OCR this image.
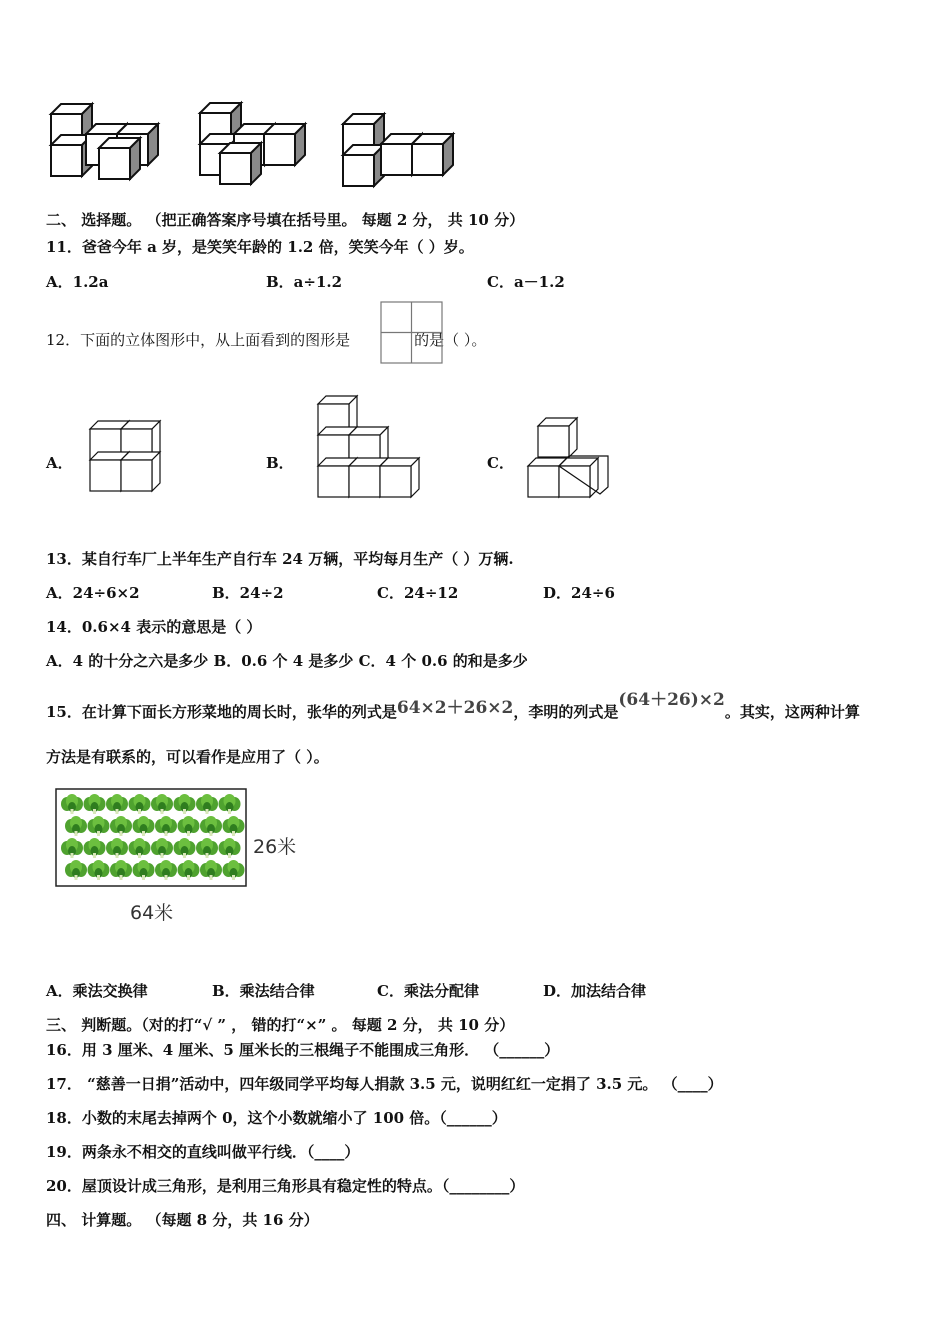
二、 选择题。 （把正确答案序号填在括号里。 每题 2 分， 共 10 分）
11．爸爸今年 a 岁，是笑笑年龄的 1.2 倍，笑笑今年（ ）岁。
A．1.2a	B．a÷1.2	C．a－1.2
12．下面的立体图形中，从上面看到的图形是	的是（ ）。
A．	B．	C．
13．某自行车厂上半年生产自行车 24 万辆，平均每月生产（ ）万辆.
A．24÷6×2	B．24÷2	C．24÷12	D．24÷6
14．0.6×4 表示的意思是（ ）
A．4 的十分之六是多少 B．0.6 个 4 是多少 C．4 个 0.6 的和是多少
15．在计算下面长方形菜地的周长时，张华的列式是64×2＋26×2，李明的列式是(64＋26)×2。其实，这两种计算
方法是有联系的，可以看作是应用了（ ）。
26米
64米
A．乘法交换律	B．乘法结合律	C．乘法分配律	D．加法结合律
三、 判断题。（对的打“√ ” ， 错的打“×” 。 每题 2 分， 共 10 分）
16．用 3 厘米、4 厘米、5 厘米长的三根绳子不能围成三角形． （______）
17． “慈善一日捐”活动中，四年级同学平均每人捐款 3.5 元，说明红红一定捐了 3.5 元。 （____）
18．小数的末尾去掉两个 0，这个小数就缩小了 100 倍。（______）
19．两条永不相交的直线叫做平行线．（____）
20．屋顶设计成三角形，是利用三角形具有稳定性的特点。（________）
四、 计算题。 （每题 8 分，共 16 分）
